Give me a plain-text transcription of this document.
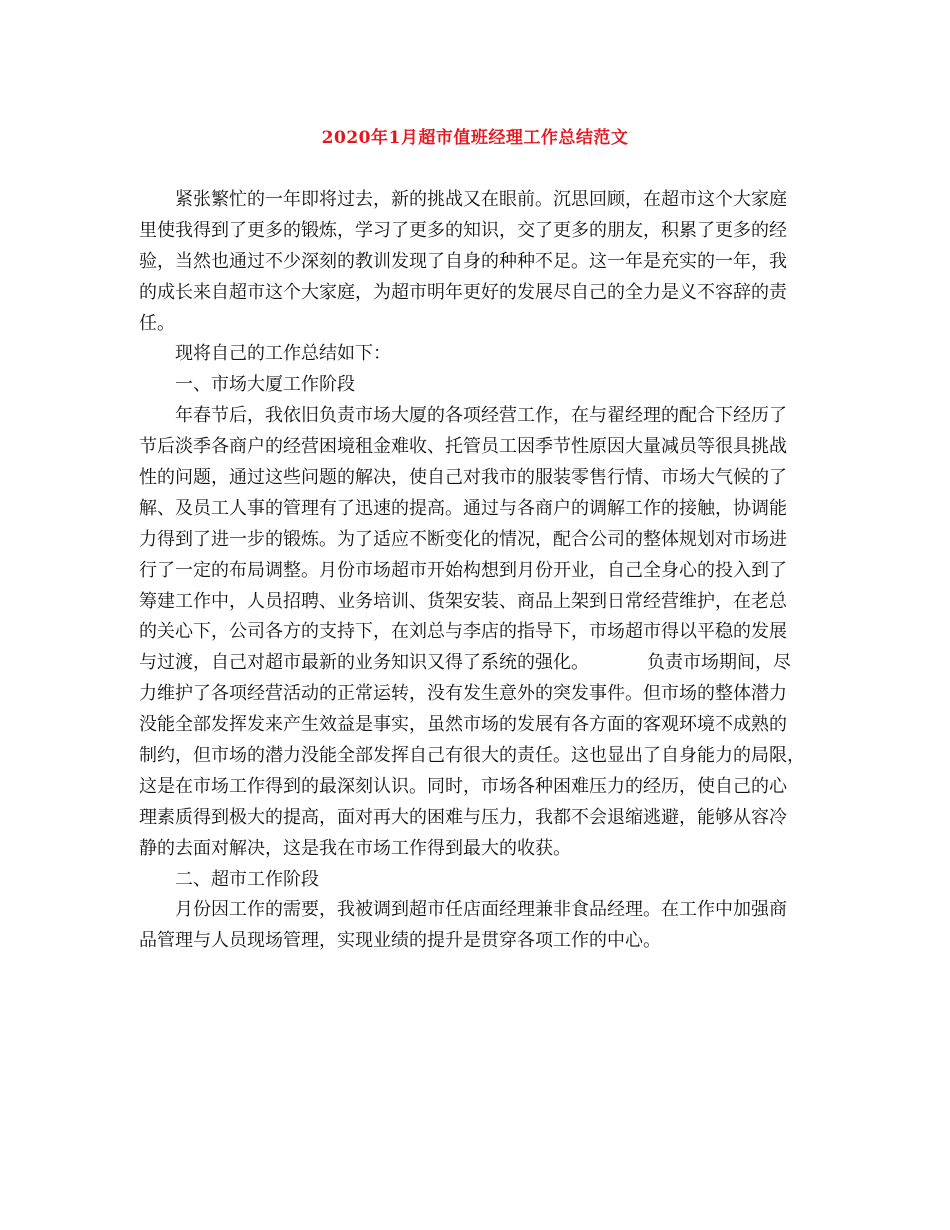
2020年1月超市值班经理工作总结范文
紧张繁忙的一年即将过去，新的挑战又在眼前。沉思回顾，在超市这个大家庭
里使我得到了更多的锻炼，学习了更多的知识，交了更多的朋友，积累了更多的经
验，当然也通过不少深刻的教训发现了自身的种种不足。这一年是充实的一年，我
的成长来自超市这个大家庭，为超市明年更好的发展尽自己的全力是义不容辞的责
任。
现将自己的工作总结如下：
一、市场大厦工作阶段
年春节后，我依旧负责市场大厦的各项经营工作，在与翟经理的配合下经历了
节后淡季各商户的经营困境租金难收、托管员工因季节性原因大量减员等很具挑战
性的问题，通过这些问题的解决，使自己对我市的服装零售行情、市场大气候的了
解、及员工人事的管理有了迅速的提高。通过与各商户的调解工作的接触，协调能
力得到了进一步的锻炼。为了适应不断变化的情况，配合公司的整体规划对市场进
行了一定的布局调整。月份市场超市开始构想到月份开业，自己全身心的投入到了
筹建工作中，人员招聘、业务培训、货架安装、商品上架到日常经营维护，在老总
的关心下，公司各方的支持下，在刘总与李店的指导下，市场超市得以平稳的发展
与过渡，自己对超市最新的业务知识又得了系统的强化。	负责市场期间，尽
力维护了各项经营活动的正常运转，没有发生意外的突发事件。但市场的整体潜力
没能全部发挥发来产生效益是事实，虽然市场的发展有各方面的客观环境不成熟的
制约，但市场的潜力没能全部发挥自己有很大的责任。这也显出了自身能力的局限，
这是在市场工作得到的最深刻认识。同时，市场各种困难压力的经历，使自己的心
理素质得到极大的提高，面对再大的困难与压力，我都不会退缩逃避，能够从容冷
静的去面对解决，这是我在市场工作得到最大的收获。
二、超市工作阶段
月份因工作的需要，我被调到超市任店面经理兼非食品经理。在工作中加强商
品管理与人员现场管理，实现业绩的提升是贯穿各项工作的中心。
